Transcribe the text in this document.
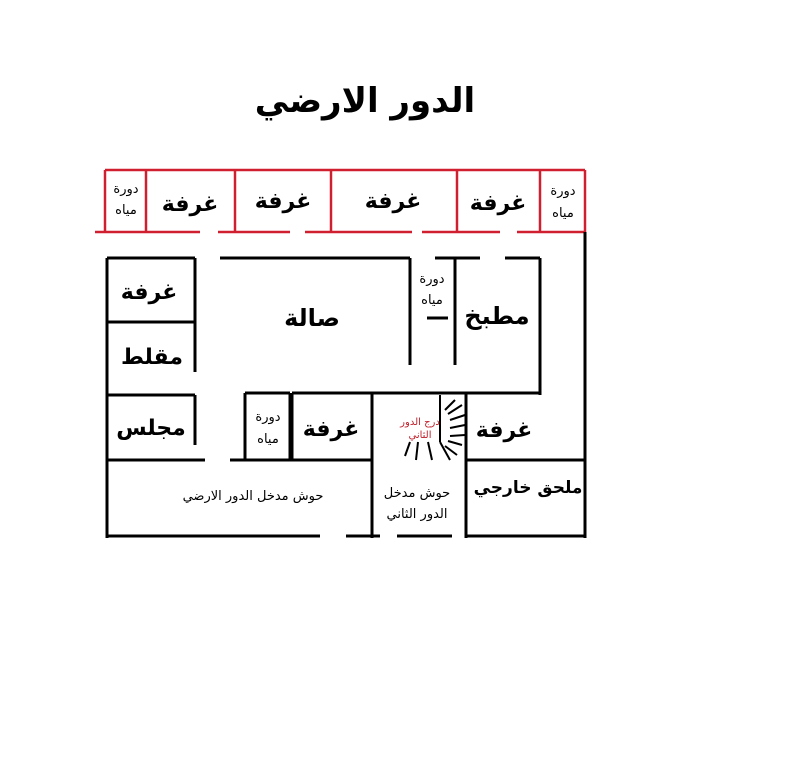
الدور الارضي
دورة
مياه غرفة غرفة غرفة غرفة دورة
مياه
غرفة
مقلط
مجلس
صالة
دورة
مياه
مطبخ
دورة
مياه غرفة	درج الدور
الثاني غرفة
حوش مدخل الدور الارضي	حوش مدخل
الدور الثاني
ملحق خارجي
